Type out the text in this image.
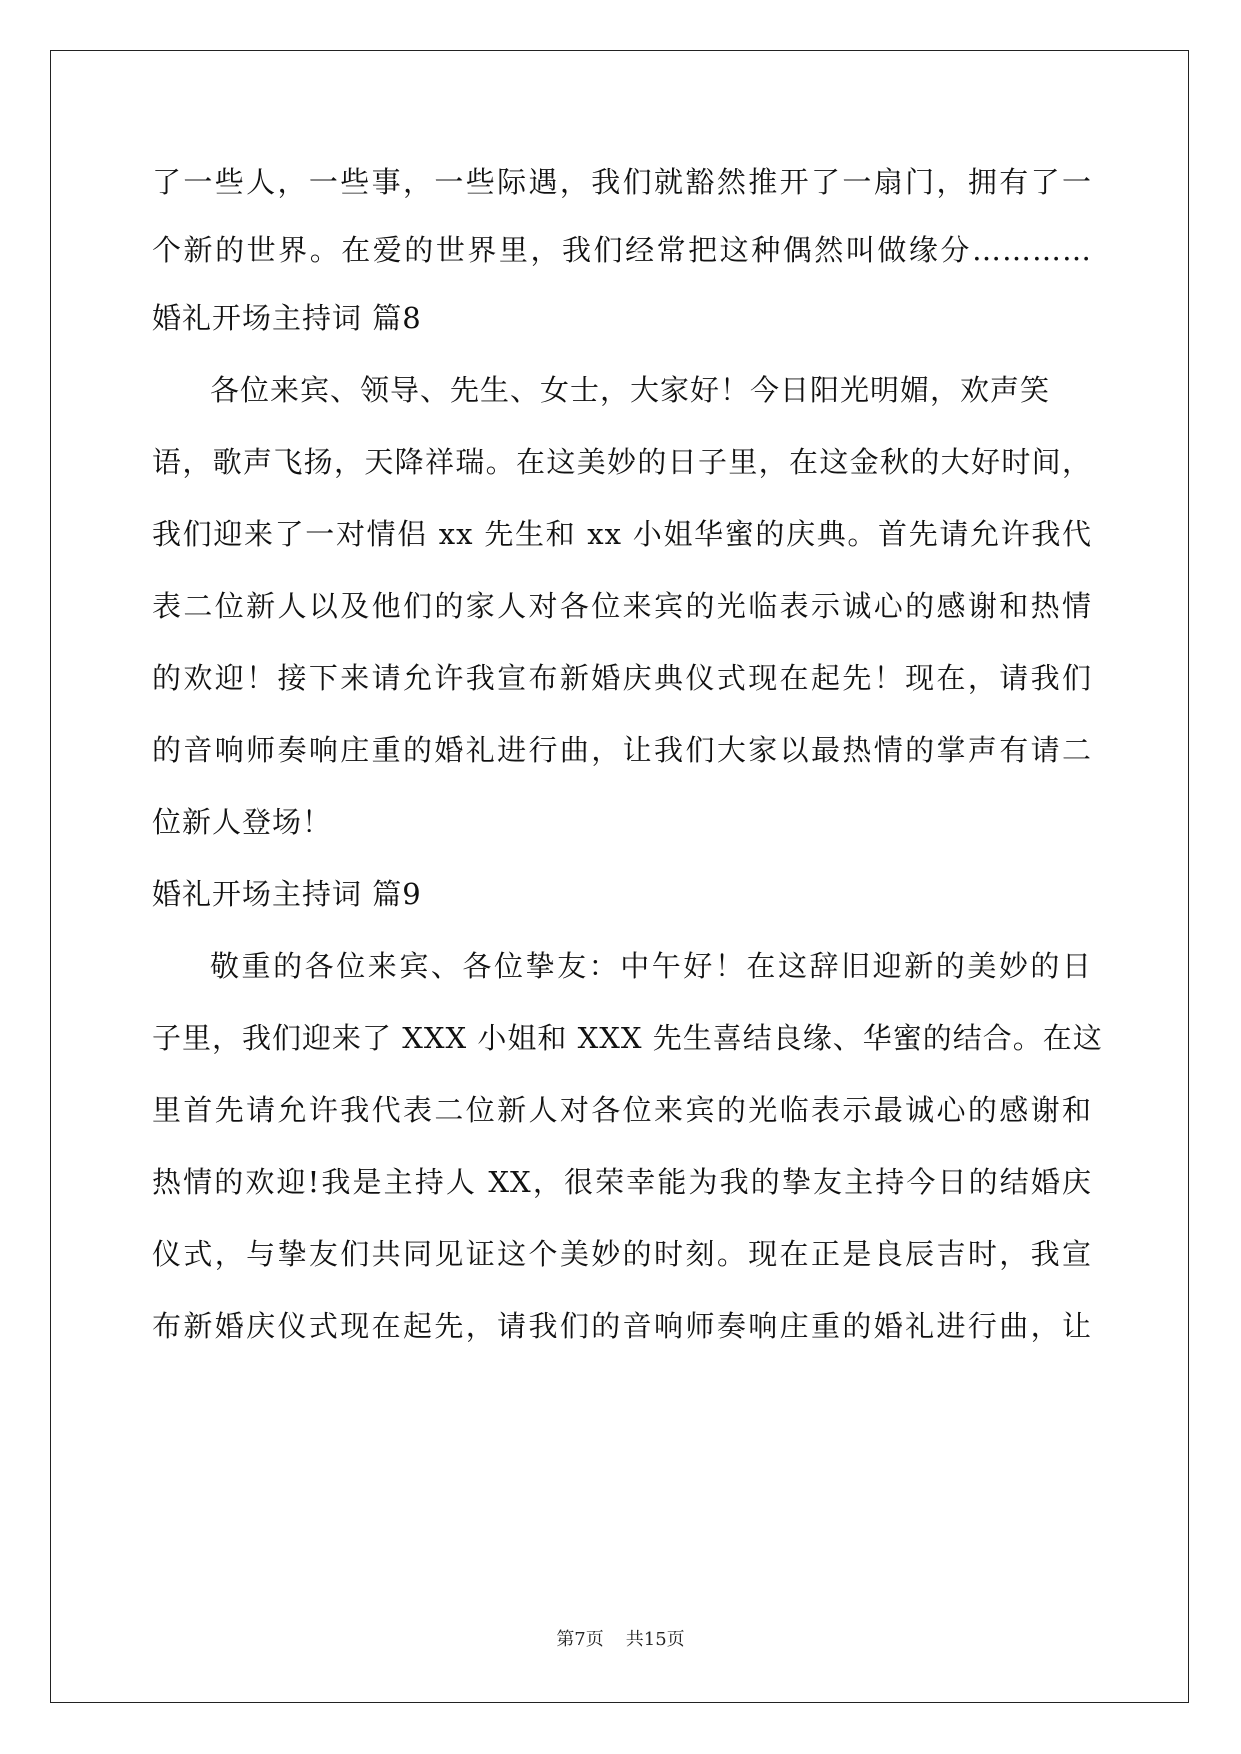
了一些人，一些事，一些际遇，我们就豁然推开了一扇门，拥有了一
个新的世界。在爱的世界里，我们经常把这种偶然叫做缘分…………
婚礼开场主持词 篇8
各位来宾、领导、先生、女士，大家好！今日阳光明媚，欢声笑
语，歌声飞扬，天降祥瑞。在这美妙的日子里，在这金秋的大好时间，
我们迎来了一对情侣 xx 先生和 xx 小姐华蜜的庆典。首先请允许我代
表二位新人以及他们的家人对各位来宾的光临表示诚心的感谢和热情
的欢迎！接下来请允许我宣布新婚庆典仪式现在起先！现在，请我们
的音响师奏响庄重的婚礼进行曲，让我们大家以最热情的掌声有请二
位新人登场！
婚礼开场主持词 篇9
敬重的各位来宾、各位挚友：中午好！在这辞旧迎新的美妙的日
子里，我们迎来了 XXX 小姐和 XXX 先生喜结良缘、华蜜的结合。在这
里首先请允许我代表二位新人对各位来宾的光临表示最诚心的感谢和
热情的欢迎!我是主持人 XX，很荣幸能为我的挚友主持今日的结婚庆
仪式，与挚友们共同见证这个美妙的时刻。现在正是良辰吉时，我宣
布新婚庆仪式现在起先，请我们的音响师奏响庄重的婚礼进行曲，让
第7页 共15页
